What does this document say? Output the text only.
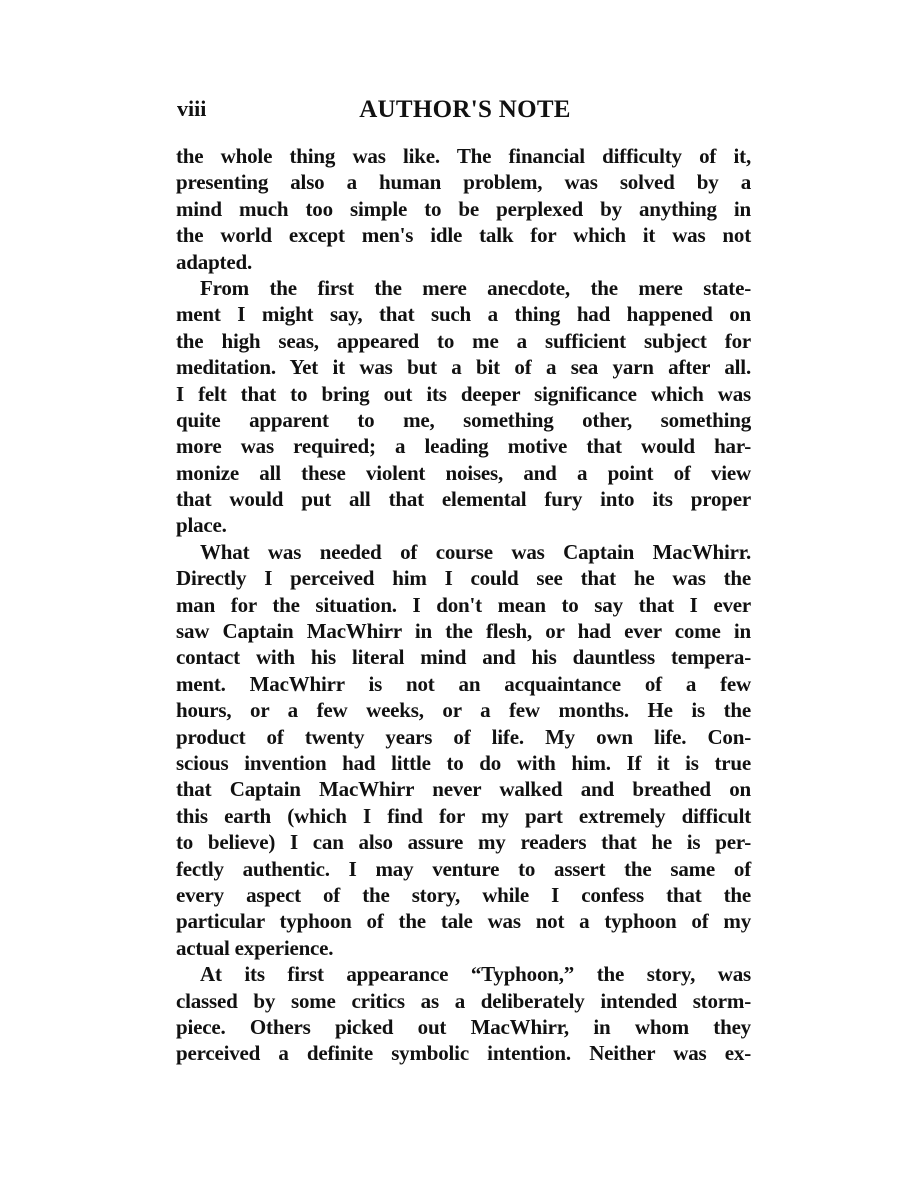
viii	AUTHOR'S NOTE
the whole thing was like. The financial difficulty of it,
presenting also a human problem, was solved by a
mind much too simple to be perplexed by anything in
the world except men's idle talk for which it was not
adapted.
From the first the mere anecdote, the mere state-
ment I might say, that such a thing had happened on
the high seas, appeared to me a sufficient subject for
meditation. Yet it was but a bit of a sea yarn after all.
I felt that to bring out its deeper significance which was
quite apparent to me, something other, something
more was required; a leading motive that would har-
monize all these violent noises, and a point of view
that would put all that elemental fury into its proper
place.
What was needed of course was Captain MacWhirr.
Directly I perceived him I could see that he was the
man for the situation. I don't mean to say that I ever
saw Captain MacWhirr in the flesh, or had ever come in
contact with his literal mind and his dauntless tempera-
ment. MacWhirr is not an acquaintance of a few
hours, or a few weeks, or a few months. He is the
product of twenty years of life. My own life. Con-
scious invention had little to do with him. If it is true
that Captain MacWhirr never walked and breathed on
this earth (which I find for my part extremely difficult
to believe) I can also assure my readers that he is per-
fectly authentic. I may venture to assert the same of
every aspect of the story, while I confess that the
particular typhoon of the tale was not a typhoon of my
actual experience.
At its first appearance “Typhoon,” the story, was
classed by some critics as a deliberately intended storm-
piece. Others picked out MacWhirr, in whom they
perceived a definite symbolic intention. Neither was ex-
